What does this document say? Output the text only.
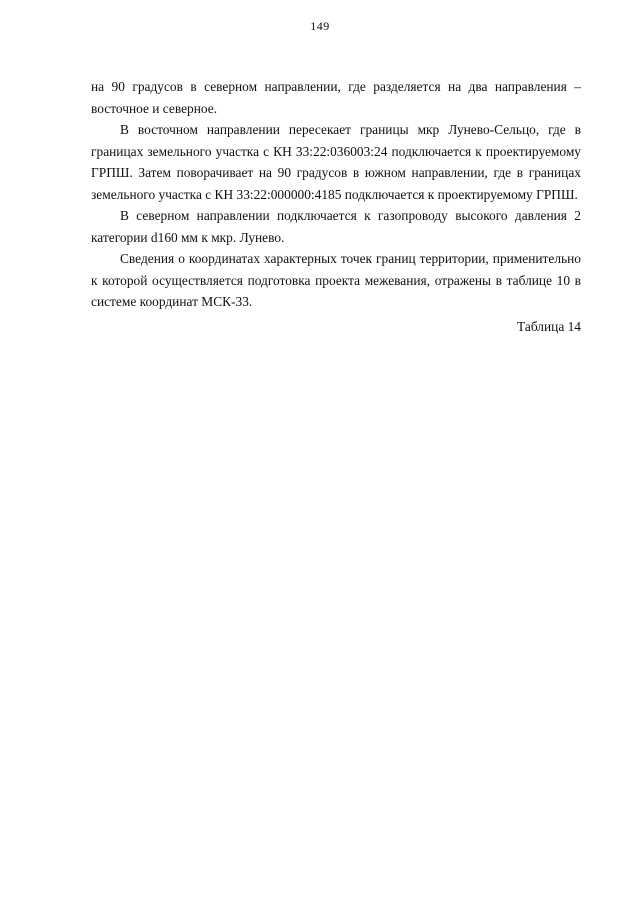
149

на 90 градусов в северном направлении, где разделяется на два направления – восточное и северное.

В восточном направлении пересекает границы мкр Лунево-Сельцо, где в границах земельного участка с КН 33:22:036003:24 подключается к проектируемому ГРПШ. Затем поворачивает на 90 градусов в южном направлении, где в границах земельного участка с КН 33:22:000000:4185 подключается к проектируемому ГРПШ.

В северном направлении подключается к газопроводу высокого давления 2 категории d160 мм к мкр. Лунево.

Сведения о координатах характерных точек границ территории, применительно к которой осуществляется подготовка проекта межевания, отражены в таблице 10 в системе координат МСК-33.

Таблица 14
